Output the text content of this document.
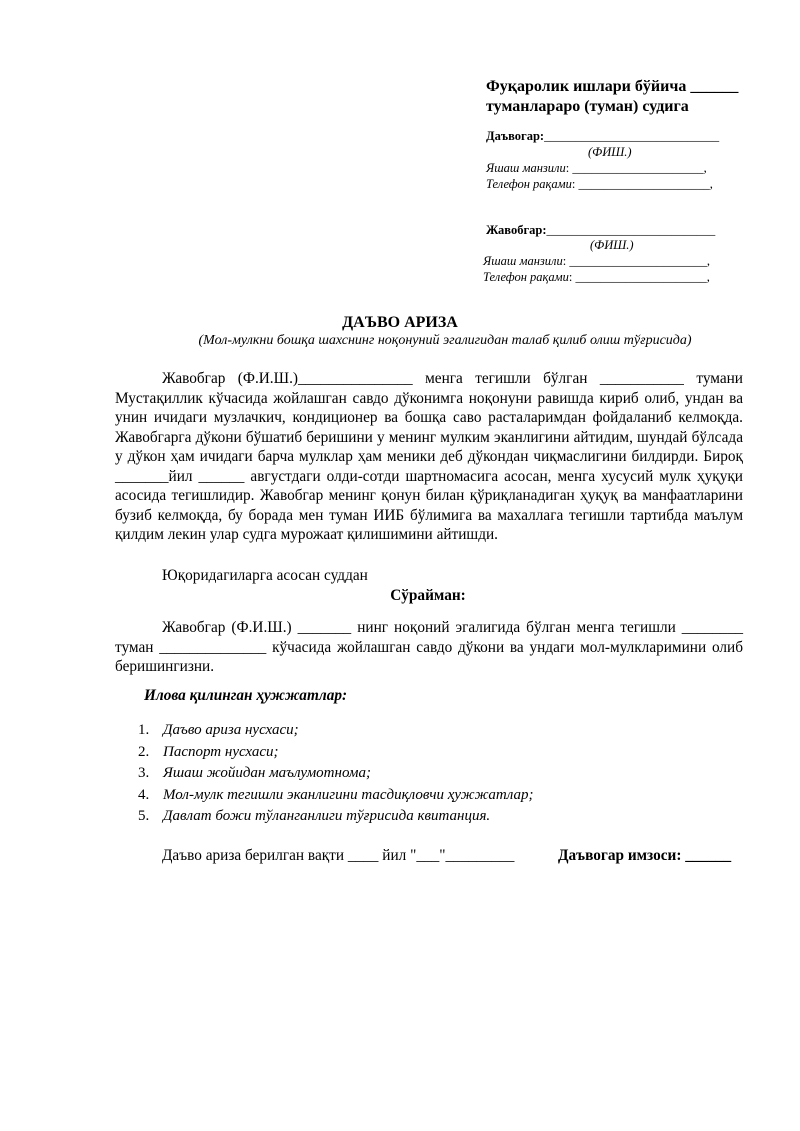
Фуқаролик ишлари бўйича ______
туманлараро (туман) судига
Даъвогар:____________________________
(ФИШ.)
Яшаш манзили: _____________________,
Телефон рақами: _____________________,
Жавобгар:___________________________
(ФИШ.)
Яшаш манзили: ______________________,
Телефон рақами: _____________________,
ДАЪВО АРИЗА
(Мол-мулкни бошқа шахснинг ноқонуний эгалигидан талаб қилиб олиш тўғрисида)

Жавобгар (Ф.И.Ш.)_______________ менга тегишли бўлган ___________ тумани Мустақиллик кўчасида жойлашган савдо дўконимга ноқонуни равишда кириб олиб, ундан ва унин ичидаги музлачкич, кондиционер ва бошқа саво расталаримдан фойдаланиб келмоқда. Жавобгарга дўкони бўшатиб беришини у менинг мулким эканлигини айтидим, шундай бўлсада у дўкон ҳам ичидаги барча мулклар ҳам меники деб дўкондан чиқмаслигини билдирди. Бироқ _______йил ______ августдаги олди-сотди шартномасига асосан, менга хусусий мулк ҳуқуқи асосида тегишлидир. Жавобгар менинг қонун билан қўриқланадиган ҳуқуқ ва манфаатларини бузиб келмоқда, бу борада мен туман ИИБ бўлимига ва махаллага тегишли тартибда маълум қилдим лекин улар судга мурожаат қилишимини айтишди.

Юқоридагиларга асосан суддан
Сўрайман:

Жавобгар (Ф.И.Ш.) _______ нинг ноқоний эгалигида бўлган менга тегишли ________ туман ______________ кўчасида жойлашган савдо дўкони ва ундаги мол-мулкларимини олиб беришингизни.

Илова қилинган ҳужжатлар:
1. Даъво ариза нусхаси;
2. Паспорт нусхаси;
3. Яшаш жойидан маълумотнома;
4. Мол-мулк тегишли эканлигини тасдиқловчи ҳужжатлар;
5. Давлат божи тўланганлиги тўғрисида квитанция.
Даъво ариза берилган вақти ____ йил "___"_________	Даъвогар имзоси: ______
